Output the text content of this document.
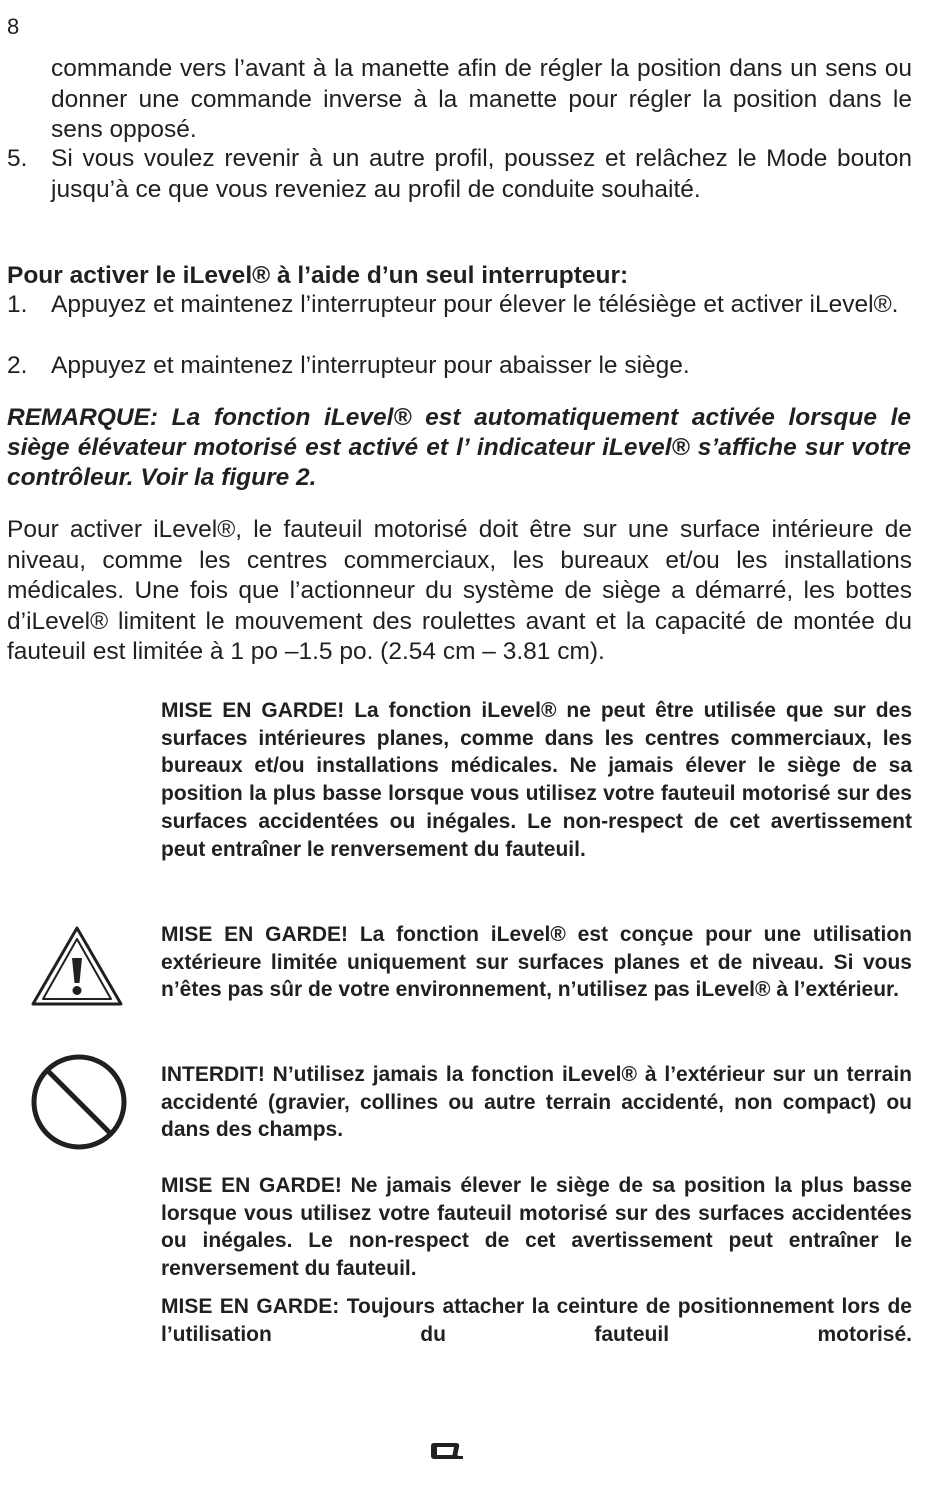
8
commande vers l’avant à la manette afin de régler la position dans un sens ou donner une commande inverse à la manette pour régler la position dans le sens opposé.
5. Si vous voulez revenir à un autre profil, poussez et relâchez le Mode bouton jusqu’à ce que vous reveniez au profil de conduite souhaité.
Pour activer le iLevel® à l’aide d’un seul interrupteur:
1. Appuyez et maintenez l’interrupteur pour élever le télésiège et activer iLevel®.
2. Appuyez et maintenez l’interrupteur pour abaisser le siège.
REMARQUE: La fonction iLevel® est automatiquement activée lorsque le siège élévateur motorisé est activé et l’ indicateur iLevel® s’affiche sur votre contrôleur. Voir la figure 2.
Pour activer iLevel®, le fauteuil motorisé doit être sur une surface intérieure de niveau, comme les centres commerciaux, les bureaux et/ou les installations médicales. Une fois que l’actionneur du système de siège a démarré, les bottes d’iLevel® limitent le mouvement des roulettes avant et la capacité de montée du fauteuil est limitée à 1 po –1.5 po. (2.54 cm – 3.81 cm).
MISE EN GARDE! La fonction iLevel® ne peut être utilisée que sur des surfaces intérieures planes, comme dans les centres commerciaux, les bureaux et/ou installations médicales. Ne jamais élever le siège de sa position la plus basse lorsque vous utilisez votre fauteuil motorisé sur des surfaces accidentées ou inégales. Le non-respect de cet avertissement peut entraîner le renversement du fauteuil.
MISE EN GARDE! La fonction iLevel® est conçue pour une utilisation extérieure limitée uniquement sur surfaces planes et de niveau. Si vous n’êtes pas sûr de votre environnement, n’utilisez pas iLevel® à l’extérieur.
INTERDIT! N’utilisez jamais la fonction iLevel® à l’extérieur sur un terrain accidenté (gravier, collines ou autre terrain accidenté, non compact) ou dans des champs.
MISE EN GARDE! Ne jamais élever le siège de sa position la plus basse lorsque vous utilisez votre fauteuil motorisé sur des surfaces accidentées ou inégales. Le non-respect de cet avertissement peut entraîner le renversement du fauteuil.
MISE EN GARDE: Toujours attacher la ceinture de positionnement lors de l’utilisation du fauteuil motorisé.
